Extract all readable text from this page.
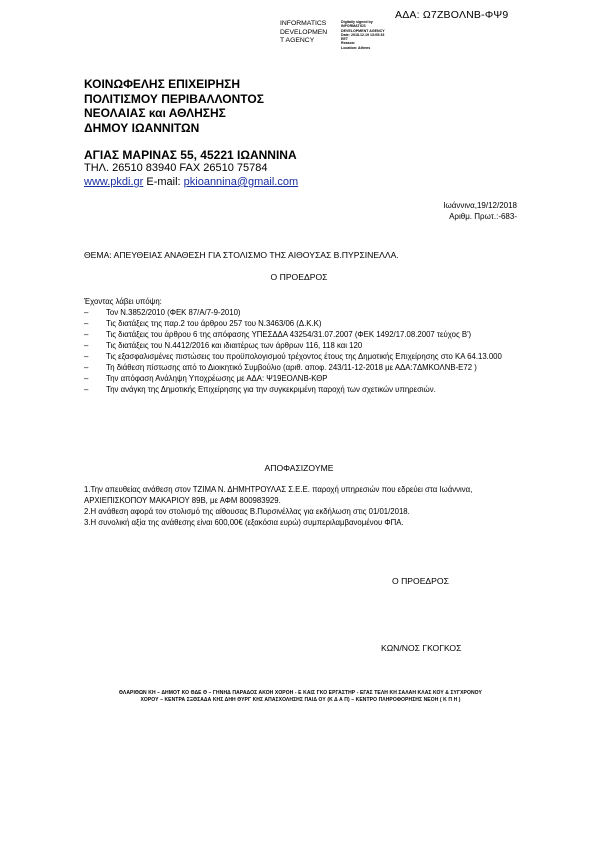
ΑΔΑ: Ω7ΖΒΟΛΝΒ-ΦΨ9
INFORMATICS
DEVELOPMEN
T AGENCY
Digitally signed by
INFORMATICS
DEVELOPMENT AGENCY
Date: 2018.12.19 13:05:33
EET
Reason:
Location: Athens
ΚΟΙΝΩΦΕΛΗΣ ΕΠΙΧΕΙΡΗΣΗ
ΠΟΛΙΤΙΣΜΟΥ ΠΕΡΙΒΑΛΛΟΝΤΟΣ
ΝΕΟΛΑΙΑΣ και ΑΘΛΗΣΗΣ
ΔΗΜΟΥ ΙΩΑΝΝΙΤΩΝ
ΑΓΙΑΣ ΜΑΡΙΝΑΣ 55, 45221 ΙΩΑΝΝΙΝΑ
ΤΗΛ. 26510 83940 FAX 26510 75784
www.pkdi.gr E-mail: pkioannina@gmail.com
Ιωάννινα,19/12/2018
Αριθμ. Πρωτ.:-683-
ΘΕΜΑ: ΑΠΕΥΘΕΙΑΣ ΑΝΑΘΕΣΗ ΓΙΑ ΣΤΟΛΙΣΜΟ ΤΗΣ ΑΙΘΟΥΣΑΣ Β.ΠΥΡΣΙΝΕΛΛΑ.
Ο ΠΡΟΕΔΡΟΣ
Έχοντας λάβει υπόψη:
– Τον Ν.3852/2010 (ΦΕΚ 87/Α/7-9-2010)
– Τις διατάξεις της παρ.2 του άρθρου 257 του Ν.3463/06 (Δ.Κ.Κ)
– Τις διατάξεις του άρθρου 6 της απόφασης ΥΠΕΣΔΔΑ 43254/31.07.2007 (ΦΕΚ 1492/17.08.2007 τεύχος Β')
– Τις διατάξεις του Ν.4412/2016 και ιδιαιτέρως των άρθρων 116, 118 και 120
– Τις εξασφαλισμένες πιστώσεις του προϋπολογισμού τρέχοντος έτους της Δημοτικής Επιχείρησης στο ΚΑ 64.13.000
– Τη διάθεση πίστωσης από το Διοικητικό Συμβούλιο (αριθ. αποφ. 243/11-12-2018 με ΑΔΑ:7ΔΜΚΟΛΝΒ-Ε72 )
– Την απόφαση Ανάληψη Υποχρέωσης με ΑΔΑ: Ψ19ΕΟΛΝΒ-ΚΘΡ
– Την ανάγκη της Δημοτικής Επιχείρησης για την συγκεκριμένη παροχή των σχετικών υπηρεσιών.
ΑΠΟΦΑΣΙΖΟΥΜΕ

1.Την απευθείας ανάθεση στον ΤΖΙΜΑ Ν. ΔΗΜΗΤΡΟΥΛΑΣ Σ.Ε.Ε. παροχή υπηρεσιών που εδρεύει στα Ιωάννινα, ΑΡΧΙΕΠΙΣΚΟΠΟΥ ΜΑΚΑΡΙΟΥ 89Β, με ΑΦΜ 800983929.

2.Η ανάθεση αφορά τον στολισμό της αίθουσας Β.Πυρσινέλλας για εκδήλωση στις 01/01/2018.

3.Η συνολική αξία της ανάθεσης είναι 600,00€ (εξακόσια ευρώ) συμπεριλαμβανομένου ΦΠΑ.

Ο ΠΡΟΕΔΡΟΣ
ΚΩΝ/ΝΟΣ ΓΚΟΓΚΟΣ
ΘΛΑΡΙΘΩΝ ΚΗ – ΔΗΜΟΤ ΚΟ ΘΔΕ Θ – ΓΗΝΗΔ ΠΑΡΑΔΟΣ ΑΚΟΗ ΧΟΡΟΗ - Ε ΚΑΙΣ ΓΚΟ ΕΡΓΑΣΤΗΡ - ΕΓΑΣ ΤΕΛΗ ΚΗ ΣΑΛΑΗ ΚΛΑΣ ΚΟΥ & ΣΥΓΧΡΟΝΟΥ
ΧΟΡΟΥ – ΚΕΝΤΡΑ ΣΞΘΣΑΔΑ ΚΗΣ ΔΗΗ ΘΥΡΓ ΚΗΣ ΑΠΑΣΧΟΛΗΣΗΣ ΠΑΙΔ ΟΥ (Κ Δ Α Π) – ΚΕΝΤΡΟ ΠΛΗΡΟΦΟΡΗΣΗΣ ΝΕΟΗ ( Κ Π Η )
